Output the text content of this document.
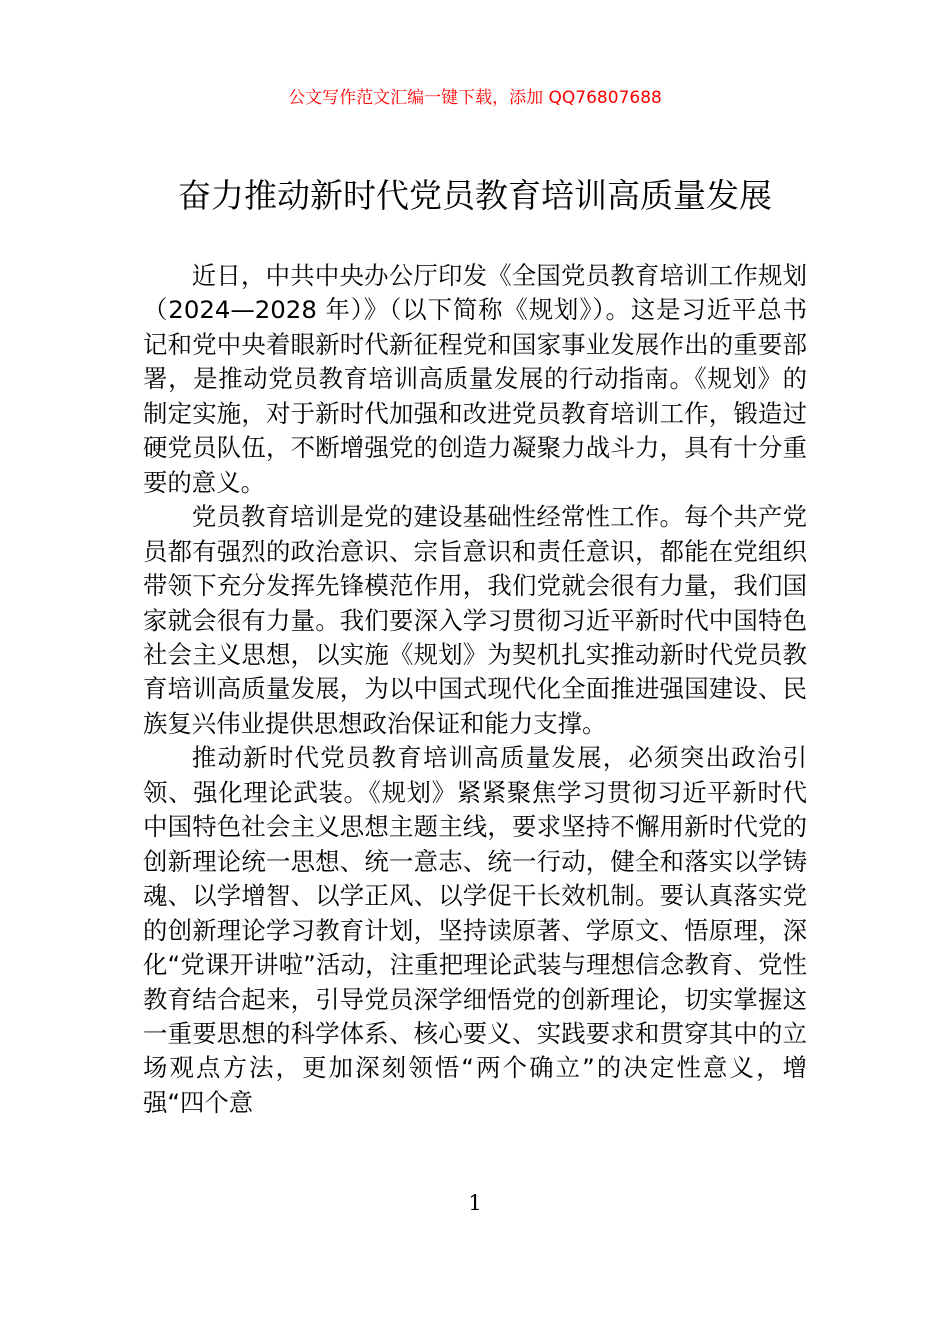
公文写作范文汇编一键下载，添加 QQ76807688
奋力推动新时代党员教育培训高质量发展

近日，中共中央办公厅印发《全国党员教育培训工作规划（2024—2028 年）》（以下简称《规划》）。这是习近平总书记和党中央着眼新时代新征程党和国家事业发展作出的重要部署，是推动党员教育培训高质量发展的行动指南。《规划》的制定实施，对于新时代加强和改进党员教育培训工作，锻造过硬党员队伍，不断增强党的创造力凝聚力战斗力，具有十分重要的意义。

党员教育培训是党的建设基础性经常性工作。每个共产党员都有强烈的政治意识、宗旨意识和责任意识，都能在党组织带领下充分发挥先锋模范作用，我们党就会很有力量，我们国家就会很有力量。我们要深入学习贯彻习近平新时代中国特色社会主义思想，以实施《规划》为契机扎实推动新时代党员教育培训高质量发展，为以中国式现代化全面推进强国建设、民族复兴伟业提供思想政治保证和能力支撑。

推动新时代党员教育培训高质量发展，必须突出政治引领、强化理论武装。《规划》紧紧聚焦学习贯彻习近平新时代中国特色社会主义思想主题主线，要求坚持不懈用新时代党的创新理论统一思想、统一意志、统一行动，健全和落实以学铸魂、以学增智、以学正风、以学促干长效机制。要认真落实党的创新理论学习教育计划，坚持读原著、学原文、悟原理，深化“党课开讲啦”活动，注重把理论武装与理想信念教育、党性教育结合起来，引导党员深学细悟党的创新理论，切实掌握这一重要思想的科学体系、核心要义、实践要求和贯穿其中的立场观点方法，更加深刻领悟“两个确立”的决定性意义，增强“四个意

1
